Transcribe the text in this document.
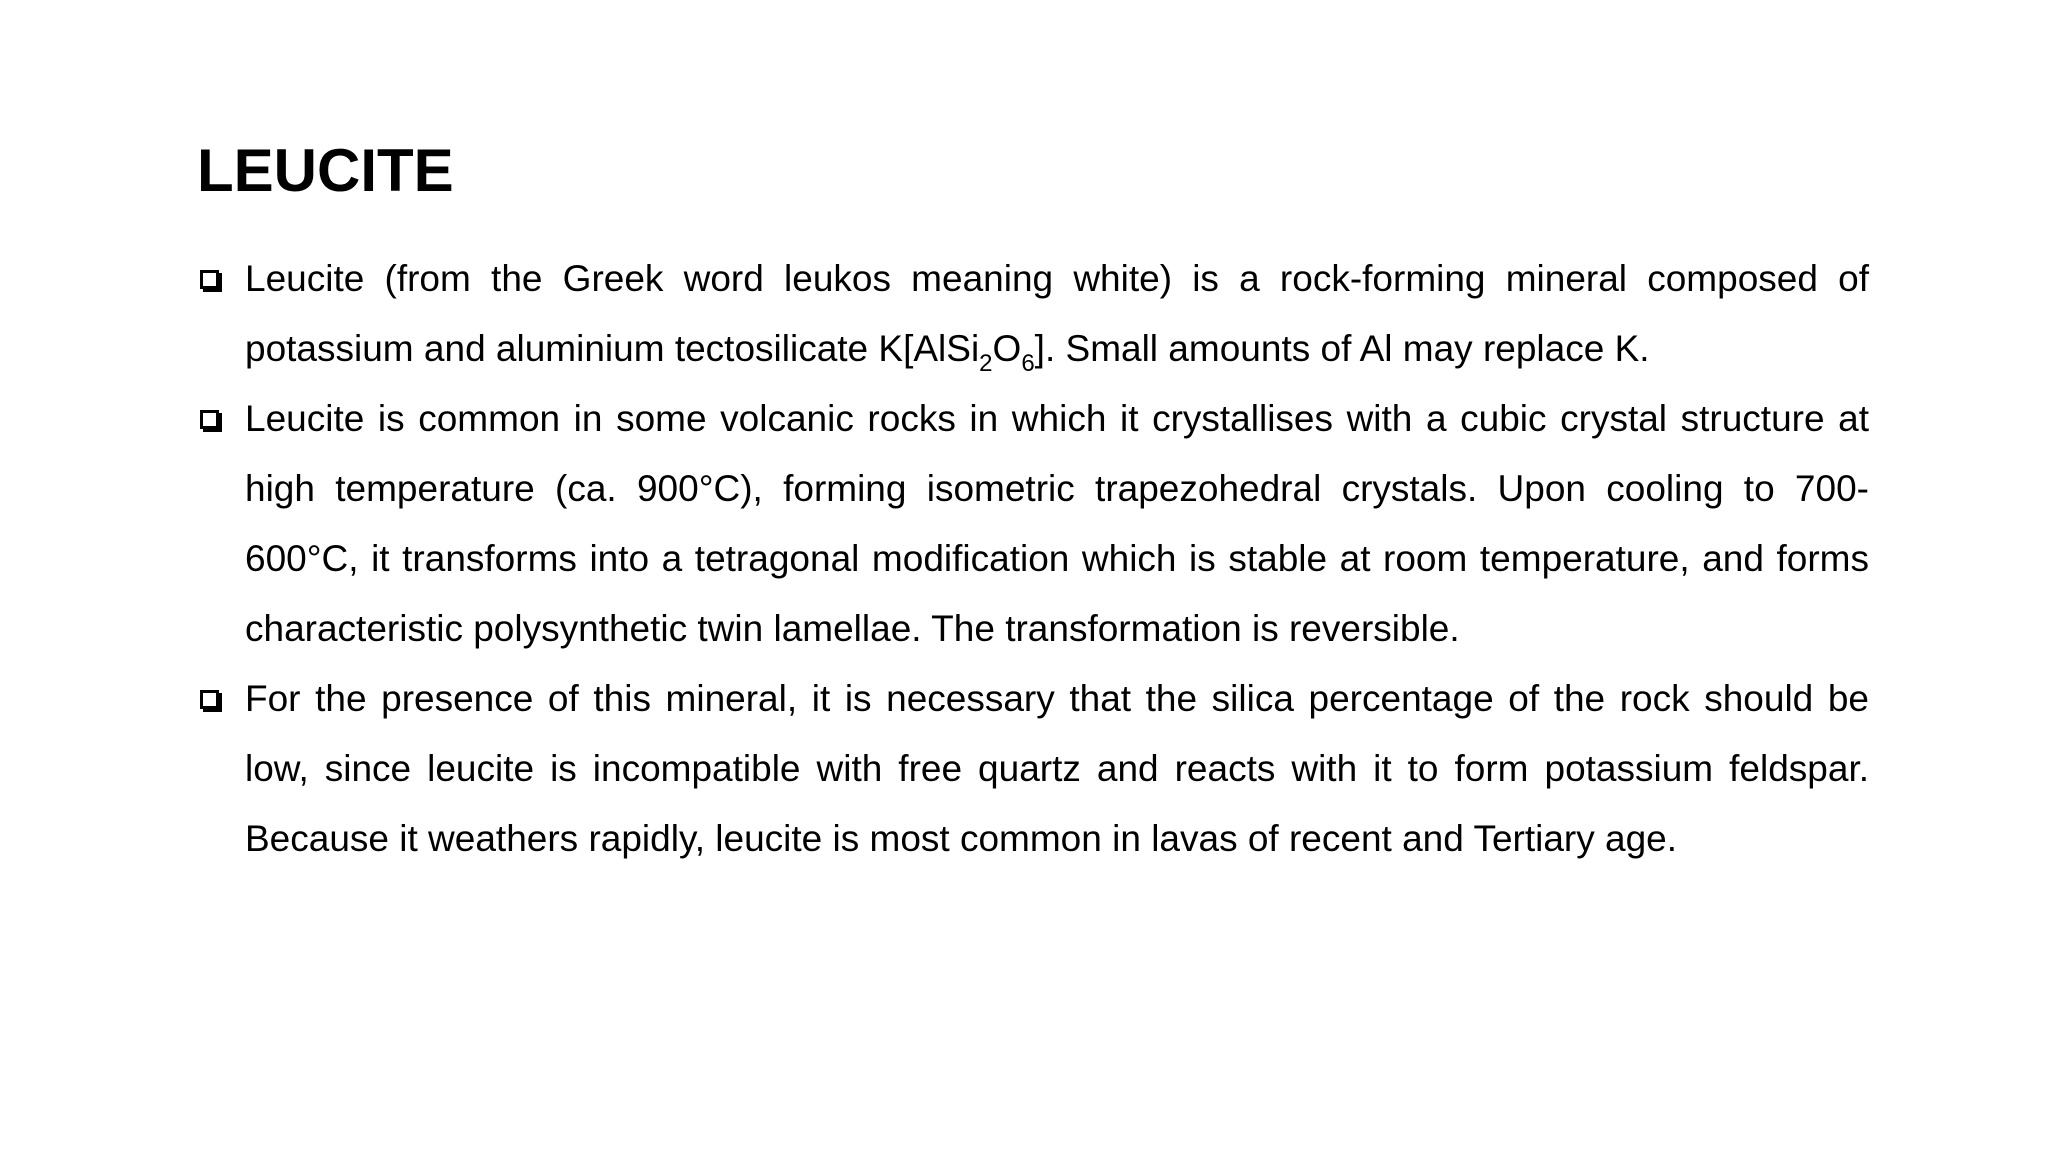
LEUCITE
Leucite (from the Greek word leukos meaning white) is a rock-forming mineral composed of potassium and aluminium tectosilicate $K[AlSi_2O_6]$. Small amounts of Al may replace K.
Leucite is common in some volcanic rocks in which it crystallises with a cubic crystal structure at high temperature (ca. 900°C), forming isometric trapezohedral crystals. Upon cooling to 700-600°C, it transforms into a tetragonal modification which is stable at room temperature, and forms characteristic polysynthetic twin lamellae. The transformation is reversible.
For the presence of this mineral, it is necessary that the silica percentage of the rock should be low, since leucite is incompatible with free quartz and reacts with it to form potassium feldspar. Because it weathers rapidly, leucite is most common in lavas of recent and Tertiary age.
